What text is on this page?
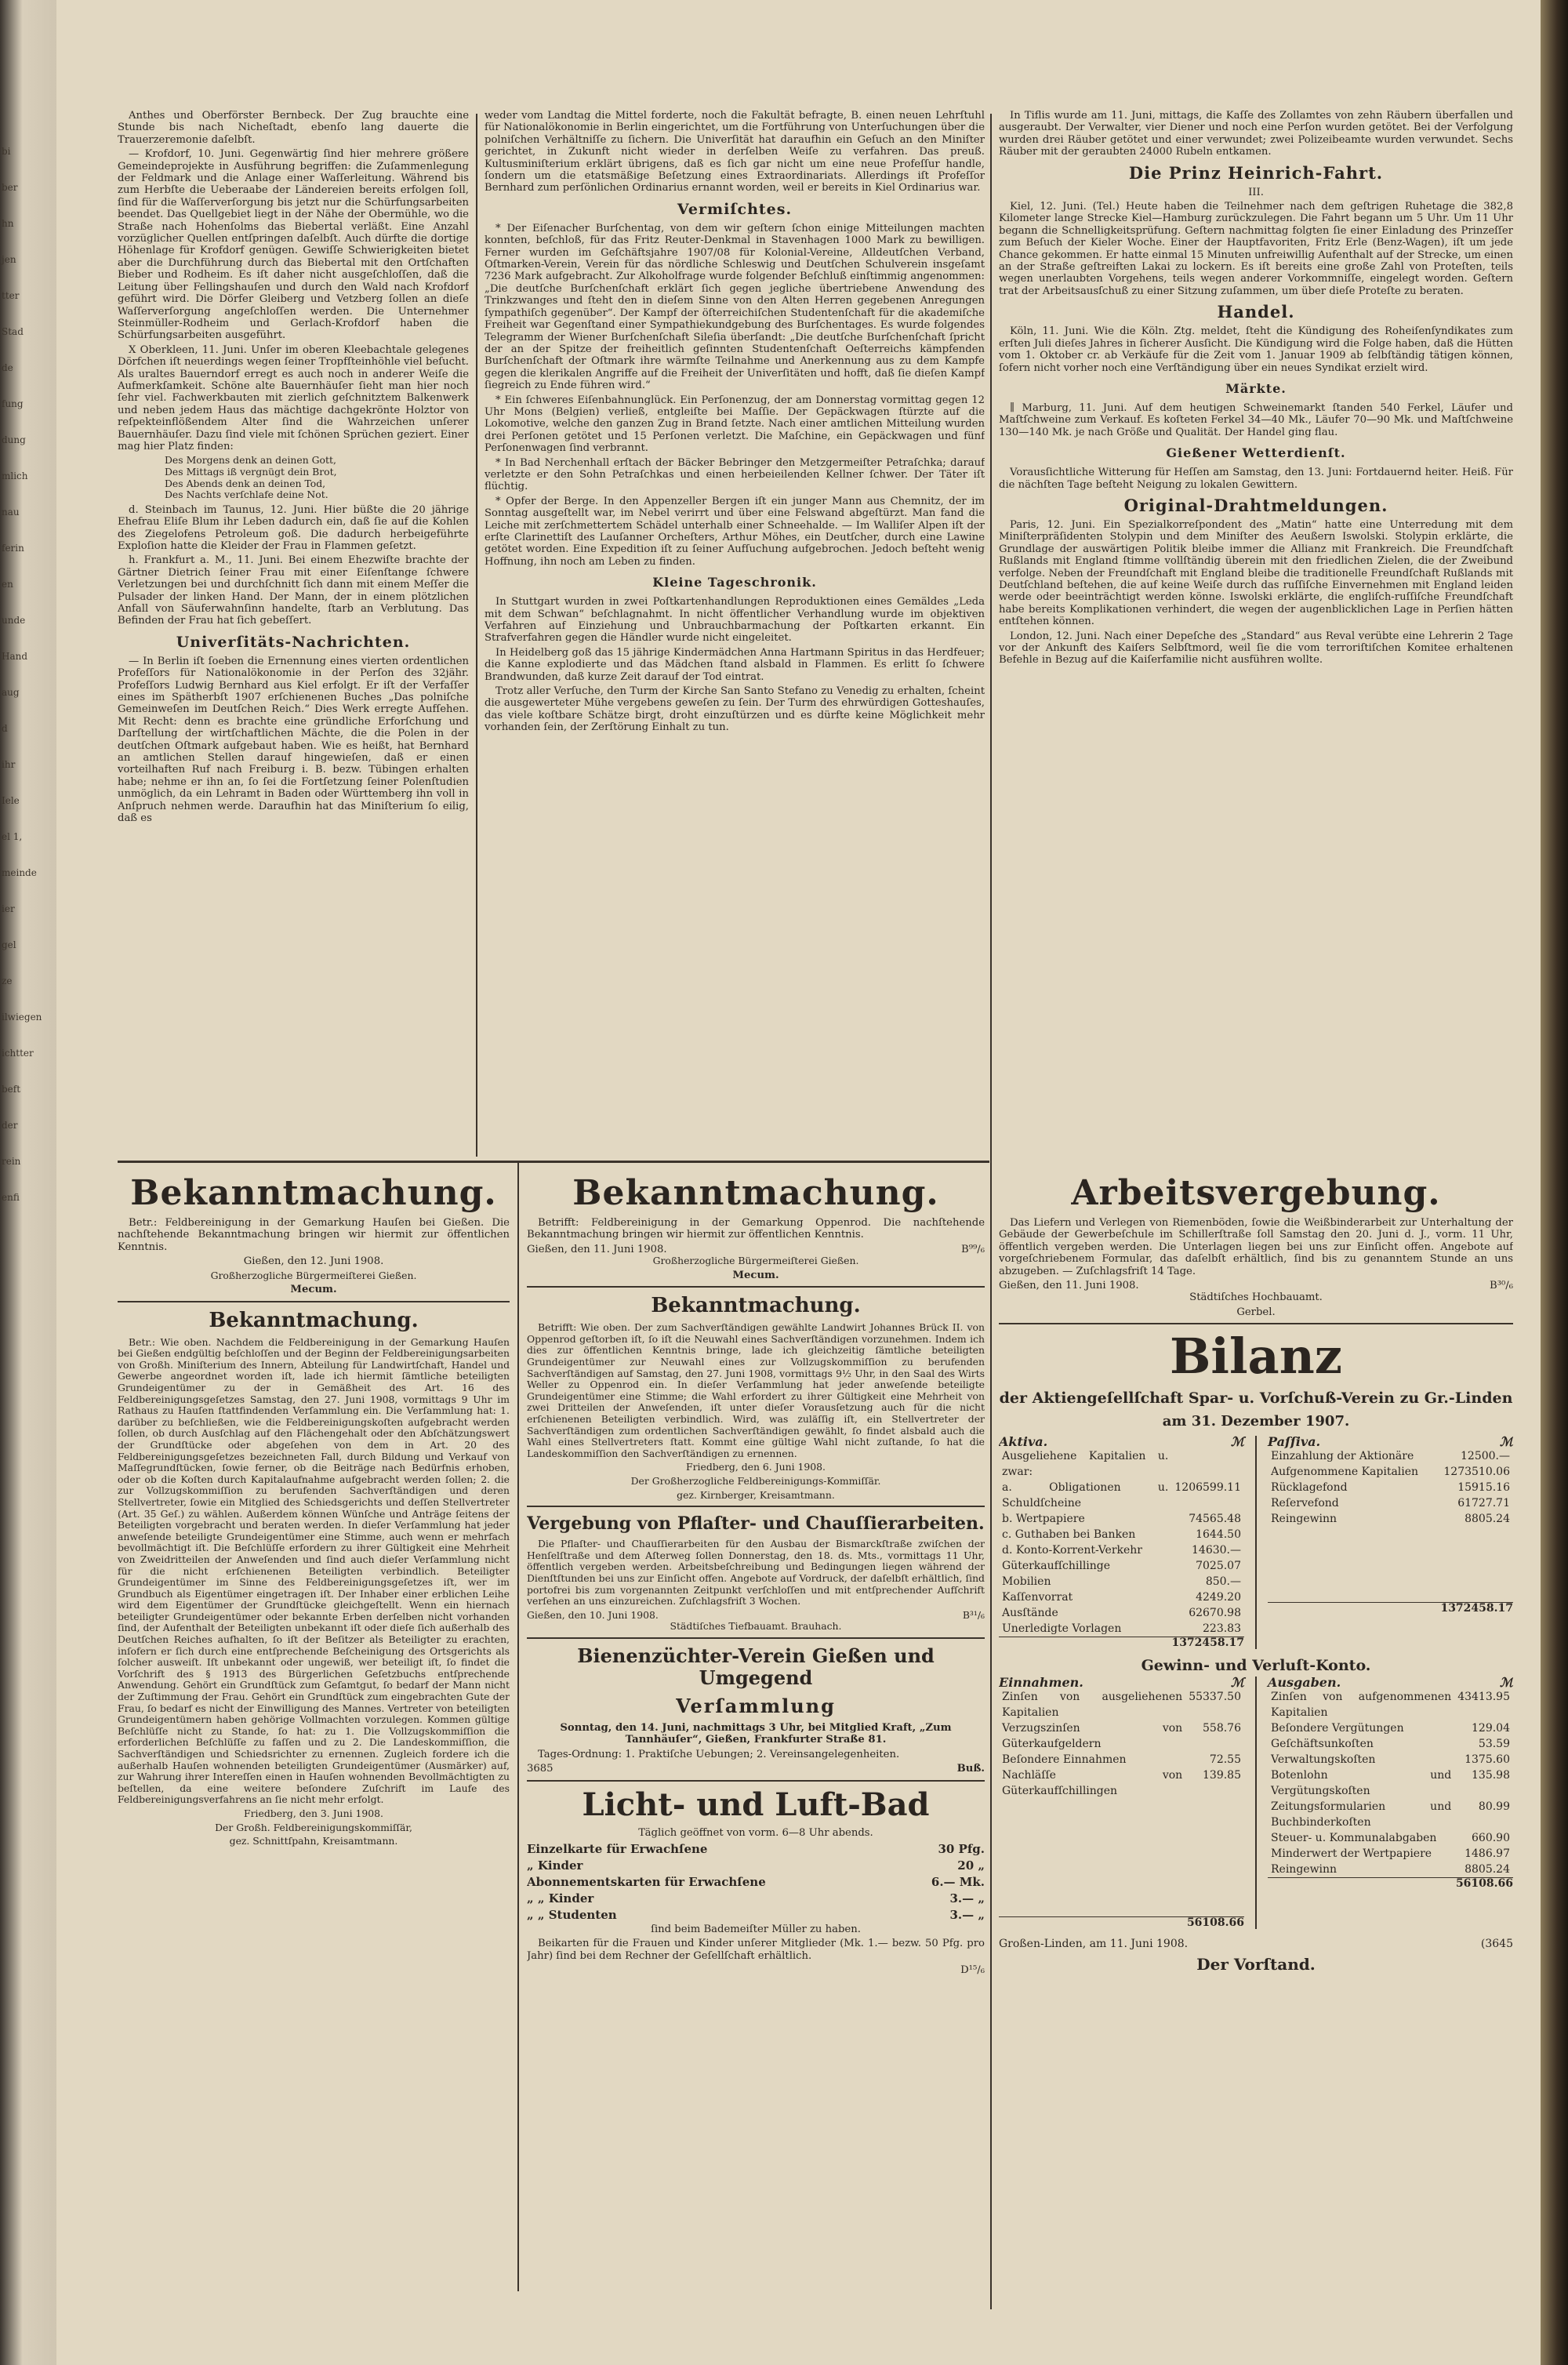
bi
ber
hn
jen
tter
Stad
de
fung
dung
mlich
nau
ferin
en
unde
Hand
aug
d
ihr
Iele
el 1,
meinde
ier
gel
ze
ilwiegen
ichtter
beft
der
rein
enfi

Anthes und Oberförster Bernbeck. Der Zug brauchte eine Stunde bis nach Nicheſtadt, ebenſo lang dauerte die Trauerzeremonie daſelbſt.

— Krofdorf, 10. Juni. Gegenwärtig ſind hier mehrere größere Gemeindeprojekte in Ausführung begriffen: die Zuſammenlegung der Feldmark und die Anlage einer Waſſerleitung. Während bis zum Herbſte die Ueberaabe der Ländereien bereits erfolgen ſoll, ſind für die Waſſerverſorgung bis jetzt nur die Schürfungsarbeiten beendet. Das Quellgebiet liegt in der Nähe der Obermühle, wo die Straße nach Hohenſolms das Biebertal verläßt. Eine Anzahl vorzüglicher Quellen entſpringen daſelbſt. Auch dürfte die dortige Höhenlage für Krofdorf genügen. Gewiſſe Schwierigkeiten bietet aber die Durchführung durch das Biebertal mit den Ortſchaften Bieber und Rodheim. Es iſt daher nicht ausgeſchloſſen, daß die Leitung über Fellingshauſen und durch den Wald nach Krofdorf geführt wird. Die Dörfer Gleiberg und Vetzberg ſollen an dieſe Waſſerverſorgung angeſchloſſen werden. Die Unternehmer Steinmüller-Rodheim und Gerlach-Krofdorf haben die Schürfungsarbeiten ausgeführt.

X Oberkleen, 11. Juni. Unſer im oberen Kleebachtale gelegenes Dörfchen iſt neuerdings wegen ſeiner Tropfſteinhöhle viel beſucht. Als uraltes Bauerndorf erregt es auch noch in anderer Weiſe die Aufmerkſamkeit. Schöne alte Bauernhäuſer ſieht man hier noch ſehr viel. Fachwerkbauten mit zierlich geſchnitztem Balkenwerk und neben jedem Haus das mächtige dachgekrönte Holztor von reſpekteinflößendem Alter ſind die Wahrzeichen unſerer Bauernhäuſer. Dazu ſind viele mit ſchönen Sprüchen geziert. Einer mag hier Platz finden:

Des Morgens denk an deinen Gott,

Des Mittags iß vergnügt dein Brot,

Des Abends denk an deinen Tod,

Des Nachts verſchlafe deine Not.

d. Steinbach im Taunus, 12. Juni. Hier büßte die 20 jährige Ehefrau Eliſe Blum ihr Leben dadurch ein, daß ſie auf die Kohlen des Ziegelofens Petroleum goß. Die dadurch herbeigeführte Exploſion hatte die Kleider der Frau in Flammen geſetzt.

h. Frankfurt a. M., 11. Juni. Bei einem Ehezwiſte brachte der Gärtner Dietrich ſeiner Frau mit einer Eiſenſtange ſchwere Verletzungen bei und durchſchnitt ſich dann mit einem Meſſer die Pulsader der linken Hand. Der Mann, der in einem plötzlichen Anfall von Säuferwahnſinn handelte, ſtarb an Verblutung. Das Befinden der Frau hat ſich gebeſſert.

Univerſitäts-Nachrichten.

— In Berlin iſt ſoeben die Ernennung eines vierten ordentlichen Profeſſors für Nationalökonomie in der Perſon des 32jähr. Profeſſors Ludwig Bernhard aus Kiel erfolgt. Er iſt der Verfaſſer eines im Spätherbſt 1907 erſchienenen Buches „Das polniſche Gemeinweſen im Deutſchen Reich.“ Dies Werk erregte Aufſehen. Mit Recht: denn es brachte eine gründliche Erforſchung und Darſtellung der wirtſchaftlichen Mächte, die die Polen in der deutſchen Oſtmark aufgebaut haben. Wie es heißt, hat Bernhard an amtlichen Stellen darauf hingewieſen, daß er einen vorteilhaften Ruf nach Freiburg i. B. bezw. Tübingen erhalten habe; nehme er ihn an, ſo ſei die Fortſetzung ſeiner Polenſtudien unmöglich, da ein Lehramt in Baden oder Württemberg ihn voll in Anſpruch nehmen werde. Daraufhin hat das Miniſterium ſo eilig, daß es

weder vom Landtag die Mittel forderte, noch die Fakultät befragte, B. einen neuen Lehrſtuhl für Nationalökonomie in Berlin eingerichtet, um die Fortführung von Unterſuchungen über die polniſchen Verhältniſſe zu ſichern. Die Univerſität hat daraufhin ein Geſuch an den Miniſter gerichtet, in Zukunft nicht wieder in derſelben Weiſe zu verfahren. Das preuß. Kultusminiſterium erklärt übrigens, daß es ſich gar nicht um eine neue Profeſſur handle, ſondern um die etatsmäßige Beſetzung eines Extraordinariats. Allerdings iſt Profeſſor Bernhard zum perſönlichen Ordinarius ernannt worden, weil er bereits in Kiel Ordinarius war.

Vermiſchtes.

* Der Eiſenacher Burſchentag, von dem wir geſtern ſchon einige Mitteilungen machten konnten, beſchloß, für das Fritz Reuter-Denkmal in Stavenhagen 1000 Mark zu bewilligen. Ferner wurden im Geſchäftsjahre 1907/08 für Kolonial-Vereine, Alldeutſchen Verband, Oſtmarken-Verein, Verein für das nördliche Schleswig und Deutſchen Schulverein insgeſamt 7236 Mark aufgebracht. Zur Alkoholfrage wurde folgender Beſchluß einſtimmig angenommen: „Die deutſche Burſchenſchaft erklärt ſich gegen jegliche übertriebene Anwendung des Trinkzwanges und ſteht den in dieſem Sinne von den Alten Herren gegebenen Anregungen ſympathiſch gegenüber“. Der Kampf der öſterreichiſchen Studentenſchaft für die akademiſche Freiheit war Gegenſtand einer Sympathiekundgebung des Burſchentages. Es wurde folgendes Telegramm der Wiener Burſchenſchaft Sileſia überſandt: „Die deutſche Burſchenſchaft ſpricht der an der Spitze der freiheitlich geſinnten Studentenſchaft Oeſterreichs kämpfenden Burſchenſchaft der Oſtmark ihre wärmſte Teilnahme und Anerkennung aus zu dem Kampfe gegen die klerikalen Angriffe auf die Freiheit der Univerſitäten und hofft, daß ſie dieſen Kampf ſiegreich zu Ende führen wird.“

* Ein ſchweres Eiſenbahnunglück. Ein Perſonenzug, der am Donnerstag vormittag gegen 12 Uhr Mons (Belgien) verließ, entgleiſte bei Maſſie. Der Gepäckwagen ſtürzte auf die Lokomotive, welche den ganzen Zug in Brand ſetzte. Nach einer amtlichen Mitteilung wurden drei Perſonen getötet und 15 Perſonen verletzt. Die Maſchine, ein Gepäckwagen und fünf Perſonenwagen ſind verbrannt.

* In Bad Nerchenhall erſtach der Bäcker Bebringer den Metzgermeiſter Petraſchka; darauf verletzte er den Sohn Petraſchkas und einen herbeieilenden Kellner ſchwer. Der Täter iſt flüchtig.

* Opfer der Berge. In den Appenzeller Bergen iſt ein junger Mann aus Chemnitz, der im Sonntag ausgeſtellt war, im Nebel verirrt und über eine Felswand abgeſtürzt. Man fand die Leiche mit zerſchmettertem Schädel unterhalb einer Schneehalde. — Im Walliſer Alpen iſt der erſte Clarinettiſt des Lauſanner Orcheſters, Arthur Möhes, ein Deutſcher, durch eine Lawine getötet worden. Eine Expedition iſt zu ſeiner Aufſuchung aufgebrochen. Jedoch beſteht wenig Hoffnung, ihn noch am Leben zu finden.

Kleine Tageschronik.

In Stuttgart wurden in zwei Poſtkartenhandlungen Reproduktionen eines Gemäldes „Leda mit dem Schwan“ beſchlagnahmt. In nicht öffentlicher Verhandlung wurde im objektiven Verfahren auf Einziehung und Unbrauchbarmachung der Poſtkarten erkannt. Ein Strafverfahren gegen die Händler wurde nicht eingeleitet.

In Heidelberg goß das 15 jährige Kindermädchen Anna Hartmann Spiritus in das Herdfeuer; die Kanne explodierte und das Mädchen ſtand alsbald in Flammen. Es erlitt ſo ſchwere Brandwunden, daß kurze Zeit darauf der Tod eintrat.

Trotz aller Verſuche, den Turm der Kirche San Santo Stefano zu Venedig zu erhalten, ſcheint die ausgewerteter Mühe vergebens geweſen zu ſein. Der Turm des ehrwürdigen Gotteshauſes, das viele koſtbare Schätze birgt, droht einzuſtürzen und es dürfte keine Möglichkeit mehr vorhanden ſein, der Zerſtörung Einhalt zu tun.

In Tiflis wurde am 11. Juni, mittags, die Kaſſe des Zollamtes von zehn Räubern überfallen und ausgeraubt. Der Verwalter, vier Diener und noch eine Perſon wurden getötet. Bei der Verfolgung wurden drei Räuber getötet und einer verwundet; zwei Polizeibeamte wurden verwundet. Sechs Räuber mit der geraubten 24000 Rubeln entkamen.

Die Prinz Heinrich-Fahrt.

III.

Kiel, 12. Juni. (Tel.) Heute haben die Teilnehmer nach dem geſtrigen Ruhetage die 382,8 Kilometer lange Strecke Kiel—Hamburg zurückzulegen. Die Fahrt begann um 5 Uhr. Um 11 Uhr begann die Schnelligkeitsprüfung. Geſtern nachmittag folgten ſie einer Einladung des Prinzeſſer zum Beſuch der Kieler Woche. Einer der Hauptfavoriten, Fritz Erle (Benz-Wagen), iſt um jede Chance gekommen. Er hatte einmal 15 Minuten unfreiwillig Aufenthalt auf der Strecke, um einen an der Straße geſtreiften Lakai zu lockern. Es iſt bereits eine große Zahl von Proteſten, teils wegen unerlaubten Vorgehens, teils wegen anderer Vorkommniſſe, eingelegt worden. Geſtern trat der Arbeitsausſchuß zu einer Sitzung zuſammen, um über dieſe Proteſte zu beraten.

Handel.

Köln, 11. Juni. Wie die Köln. Ztg. meldet, ſteht die Kündigung des Roheiſenſyndikates zum erſten Juli dieſes Jahres in ſicherer Ausſicht. Die Kündigung wird die Folge haben, daß die Hütten vom 1. Oktober cr. ab Verkäufe für die Zeit vom 1. Januar 1909 ab ſelbſtändig tätigen können, ſofern nicht vorher noch eine Verſtändigung über ein neues Syndikat erzielt wird.

Märkte.

∥ Marburg, 11. Juni. Auf dem heutigen Schweinemarkt ſtanden 540 Ferkel, Läufer und Maſtſchweine zum Verkauf. Es koſteten Ferkel 34—40 Mk., Läufer 70—90 Mk. und Maſtſchweine 130—140 Mk. je nach Größe und Qualität. Der Handel ging flau.

Gießener Wetterdienſt.

Vorausſichtliche Witterung für Heſſen am Samstag, den 13. Juni: Fortdauernd heiter. Heiß. Für die nächſten Tage beſteht Neigung zu lokalen Gewittern.

Original-Drahtmeldungen.

Paris, 12. Juni. Ein Spezialkorreſpondent des „Matin“ hatte eine Unterredung mit dem Miniſterpräſidenten Stolypin und dem Miniſter des Aeußern Iswolski. Stolypin erklärte, die Grundlage der auswärtigen Politik bleibe immer die Allianz mit Frankreich. Die Freundſchaft Rußlands mit England ſtimme vollſtändig überein mit den friedlichen Zielen, die der Zweibund verfolge. Neben der Freundſchaft mit England bleibe die traditionelle Freundſchaft Rußlands mit Deutſchland beſtehen, die auf keine Weiſe durch das ruſſiſche Einvernehmen mit England leiden werde oder beeinträchtigt werden könne. Iswolski erklärte, die engliſch-ruſſiſche Freundſchaft habe bereits Komplikationen verhindert, die wegen der augenblicklichen Lage in Perſien hätten entſtehen können.

London, 12. Juni. Nach einer Depeſche des „Standard“ aus Reval verübte eine Lehrerin 2 Tage vor der Ankunft des Kaiſers Selbſtmord, weil ſie die vom terroriſtiſchen Komitee erhaltenen Befehle in Bezug auf die Kaiſerfamilie nicht ausführen wollte.

Bekanntmachung.

Betr.: Feldbereinigung in der Gemarkung Hauſen bei Gießen. Die nachſtehende Bekanntmachung bringen wir hiermit zur öffentlichen Kenntnis.

Gießen, den 12. Juni 1908.

Großherzogliche Bürgermeiſterei Gießen.

Mecum.

Bekanntmachung.

Betr.: Wie oben. Nachdem die Feldbereinigung in der Gemarkung Hauſen bei Gießen endgültig beſchloſſen und der Beginn der Feldbereinigungsarbeiten von Großh. Miniſterium des Innern, Abteilung für Landwirtſchaft, Handel und Gewerbe angeordnet worden iſt, lade ich hiermit ſämtliche beteiligten Grundeigentümer zu der in Gemäßheit des Art. 16 des Feldbereinigungsgeſetzes Samstag, den 27. Juni 1908, vormittags 9 Uhr im Rathaus zu Hauſen ſtattfindenden Verſammlung ein. Die Verſammlung hat: 1. darüber zu beſchließen, wie die Feldbereinigungskoſten aufgebracht werden ſollen, ob durch Ausſchlag auf den Flächengehalt oder den Abſchätzungswert der Grundſtücke oder abgeſehen von dem in Art. 20 des Feldbereinigungsgeſetzes bezeichneten Fall, durch Bildung und Verkauf von Maſſegrundſtücken, ſowie ferner, ob die Beiträge nach Bedürfnis erhoben, oder ob die Koſten durch Kapitalaufnahme aufgebracht werden ſollen; 2. die zur Vollzugskommiſſion zu berufenden Sachverſtändigen und deren Stellvertreter, ſowie ein Mitglied des Schiedsgerichts und deſſen Stellvertreter (Art. 35 Geſ.) zu wählen. Außerdem können Wünſche und Anträge ſeitens der Beteiligten vorgebracht und beraten werden. In dieſer Verſammlung hat jeder anweſende beteiligte Grundeigentümer eine Stimme, auch wenn er mehrfach bevollmächtigt iſt. Die Beſchlüſſe erfordern zu ihrer Gültigkeit eine Mehrheit von Zweidritteilen der Anweſenden und ſind auch dieſer Verſammlung nicht für die nicht erſchienenen Beteiligten verbindlich. Beteiligter Grundeigentümer im Sinne des Feldbereinigungsgeſetzes iſt, wer im Grundbuch als Eigentümer eingetragen iſt. Der Inhaber einer erblichen Leihe wird dem Eigentümer der Grundſtücke gleichgeſtellt. Wenn ein hiernach beteiligter Grundeigentümer oder bekannte Erben derſelben nicht vorhanden ſind, der Aufenthalt der Beteiligten unbekannt iſt oder dieſe ſich außerhalb des Deutſchen Reiches aufhalten, ſo iſt der Beſitzer als Beteiligter zu erachten, inſofern er ſich durch eine entſprechende Beſcheinigung des Ortsgerichts als ſolcher ausweiſt. Iſt unbekannt oder ungewiß, wer beteiligt iſt, ſo findet die Vorſchrift des § 1913 des Bürgerlichen Geſetzbuchs entſprechende Anwendung. Gehört ein Grundſtück zum Geſamtgut, ſo bedarf der Mann nicht der Zuſtimmung der Frau. Gehört ein Grundſtück zum eingebrachten Gute der Frau, ſo bedarf es nicht der Einwilligung des Mannes. Vertreter von beteiligten Grundeigentümern haben gehörige Vollmachten vorzulegen. Kommen gültige Beſchlüſſe nicht zu Stande, ſo hat: zu 1. Die Vollzugskommiſſion die erforderlichen Beſchlüſſe zu faſſen und zu 2. Die Landeskommiſſion, die Sachverſtändigen und Schiedsrichter zu ernennen. Zugleich fordere ich die außerhalb Hauſen wohnenden beteiligten Grundeigentümer (Ausmärker) auf, zur Wahrung ihrer Intereſſen einen in Hauſen wohnenden Bevollmächtigten zu beſtellen, da eine weitere beſondere Zuſchrift im Laufe des Feldbereinigungsverfahrens an ſie nicht mehr erfolgt.

Friedberg, den 3. Juni 1908.

Der Großh. Feldbereinigungskommiſſär,

gez. Schnittſpahn, Kreisamtmann.

Bekanntmachung.

Betrifft: Feldbereinigung in der Gemarkung Oppenrod. Die nachſtehende Bekanntmachung bringen wir hiermit zur öffentlichen Kenntnis.

Gießen, den 11. Juni 1908.	B⁹⁹/₆

Großherzogliche Bürgermeiſterei Gießen.

Mecum.

Bekanntmachung.

Betrifft: Wie oben. Der zum Sachverſtändigen gewählte Landwirt Johannes Brück II. von Oppenrod geſtorben iſt, ſo iſt die Neuwahl eines Sachverſtändigen vorzunehmen. Indem ich dies zur öffentlichen Kenntnis bringe, lade ich gleichzeitig ſämtliche beteiligten Grundeigentümer zur Neuwahl eines zur Vollzugskommiſſion zu berufenden Sachverſtändigen auf Samstag, den 27. Juni 1908, vormittags 9½ Uhr, in den Saal des Wirts Weller zu Oppenrod ein. In dieſer Verſammlung hat jeder anweſende beteiligte Grundeigentümer eine Stimme; die Wahl erfordert zu ihrer Gültigkeit eine Mehrheit von zwei Dritteilen der Anweſenden, iſt unter dieſer Vorausſetzung auch für die nicht erſchienenen Beteiligten verbindlich. Wird, was zuläſſig iſt, ein Stellvertreter der Sachverſtändigen zum ordentlichen Sachverſtändigen gewählt, ſo findet alsbald auch die Wahl eines Stellvertreters ſtatt. Kommt eine gültige Wahl nicht zuſtande, ſo hat die Landeskommiſſion den Sachverſtändigen zu ernennen.

Friedberg, den 6. Juni 1908.

Der Großherzogliche Feldbereinigungs-Kommiſſär.

gez. Kirnberger, Kreisamtmann.

Vergebung von Pflaſter- und Chauſſierarbeiten.

Die Pflaſter- und Chauſſierarbeiten für den Ausbau der Bismarckſtraße zwiſchen der Henſelſtraße und dem Aſterweg ſollen Donnerstag, den 18. ds. Mts., vormittags 11 Uhr, öffentlich vergeben werden. Arbeitsbeſchreibung und Bedingungen liegen während der Dienſtſtunden bei uns zur Einſicht offen. Angebote auf Vordruck, der daſelbſt erhältlich, ſind portofrei bis zum vorgenannten Zeitpunkt verſchloſſen und mit entſprechender Aufſchrift verſehen an uns einzureichen. Zuſchlagsfriſt 3 Wochen.

Gießen, den 10. Juni 1908.	B³¹/₆

Städtiſches Tiefbauamt. Brauhach.

Bienenzüchter-Verein Gießen und Umgegend
Verſammlung

Sonntag, den 14. Juni, nachmittags 3 Uhr, bei Mitglied Kraft, „Zum Tannhäuſer“, Gießen, Frankfurter Straße 81.

Tages-Ordnung: 1. Praktiſche Uebungen; 2. Vereinsangelegenheiten.

3685	Buß.
Licht- und Luft-Bad

Täglich geöffnet von vorm. 6—8 Uhr abends.

Einzelkarte für Erwachſene	30 Pfg.
„ Kinder	20 „
Abonnementskarten für Erwachſene	6.— Mk.
„ „ Kinder	3.— „
„ „ Studenten	3.— „

ſind beim Bademeiſter Müller zu haben.

Beikarten für die Frauen und Kinder unſerer Mitglieder (Mk. 1.— bezw. 50 Pfg. pro Jahr) ſind bei dem Rechner der Geſellſchaft erhältlich.

D¹⁵/₆

Arbeitsvergebung.

Das Liefern und Verlegen von Riemenböden, ſowie die Weißbinderarbeit zur Unterhaltung der Gebäude der Gewerbeſchule im Schillerſtraße ſoll Samstag den 20. Juni d. J., vorm. 11 Uhr, öffentlich vergeben werden. Die Unterlagen liegen bei uns zur Einſicht offen. Angebote auf vorgeſchriebenem Formular, das daſelbſt erhältlich, ſind bis zu genanntem Stunde an uns abzugeben. — Zuſchlagsfriſt 14 Tage.

Gießen, den 11. Juni 1908.	B³⁰/₆

Städtiſches Hochbauamt.

Gerbel.

Bilanz
der Aktiengeſellſchaft Spar- u. Vorſchuß-Verein zu Gr.-Linden

am 31. Dezember 1907.

Aktiva.	ℳ
Ausgeliehene Kapitalien u. zwar:	
a. Obligationen u. Schuldſcheine	1206599.11
b. Wertpapiere	74565.48
c. Guthaben bei Banken	1644.50
d. Konto-Korrent-Verkehr	14630.—
Güterkaufſchillinge	7025.07
Mobilien	850.—
Kaſſenvorrat	4249.20
Ausſtände	62670.98
Unerledigte Vorlagen	223.83
1372458.17
Paſſiva.	ℳ
Einzahlung der Aktionäre	12500.—
Aufgenommene Kapitalien	1273510.06
Rücklagefond	15915.16
Reſervefond	61727.71
Reingewinn	8805.24
1372458.17
Gewinn- und Verluſt-Konto.
Einnahmen.	ℳ
Zinſen von ausgeliehenen Kapitalien	55337.50
Verzugszinſen von Güterkaufgeldern	558.76
Beſondere Einnahmen	72.55
Nachläſſe von Güterkaufſchillingen	139.85
56108.66
Ausgaben.	ℳ
Zinſen von aufgenommenen Kapitalien	43413.95
Beſondere Vergütungen	129.04
Geſchäftsunkoſten	53.59
Verwaltungskoſten	1375.60
Botenlohn und Vergütungskoſten	135.98
Zeitungsformularien und Buchbinderkoſten	80.99
Steuer- u. Kommunalabgaben	660.90
Minderwert der Wertpapiere	1486.97
Reingewinn	8805.24
56108.66
Großen-Linden, am 11. Juni 1908.	(3645
Der Vorſtand.
